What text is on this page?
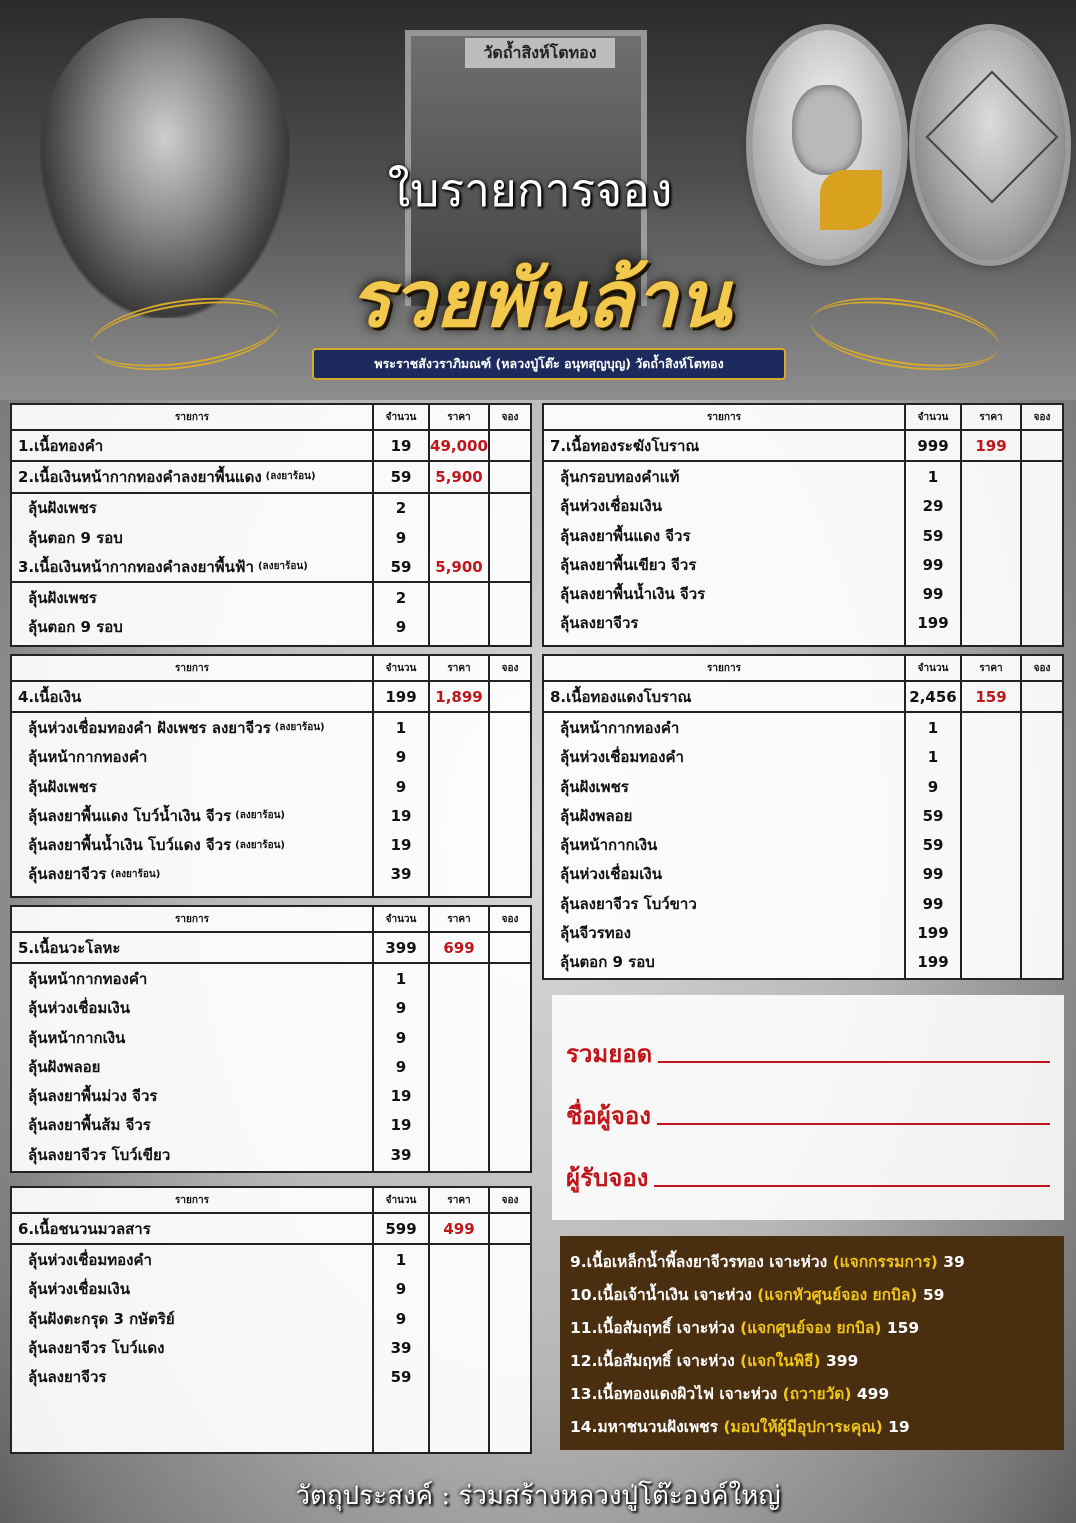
วัดถ้ำสิงห์โตทอง
ใบรายการจอง
รวยพันล้าน
พระราชสังวราภิมณฑ์ (หลวงปู่โต๊ะ อนุทสุญบุญ) วัดถ้ำสิงห์โตทอง
รายการ	จำนวน	ราคา	จอง
1.เนื้อทองคำ	19	49,000
2.เนื้อเงินหน้ากากทองคำลงยาพื้นแดง (ลงยาร้อน)	59	5,900
ลุ้นฝังเพชร	2
ลุ้นตอก 9 รอบ	9
3.เนื้อเงินหน้ากากทองคำลงยาพื้นฟ้า (ลงยาร้อน)	59	5,900
ลุ้นฝังเพชร	2
ลุ้นตอก 9 รอบ	9
รายการ	จำนวน	ราคา	จอง
7.เนื้อทองระฆังโบราณ	999	199
ลุ้นกรอบทองคำแท้	1
ลุ้นห่วงเชื่อมเงิน	29
ลุ้นลงยาพื้นแดง จีวร	59
ลุ้นลงยาพื้นเขียว จีวร	99
ลุ้นลงยาพื้นน้ำเงิน จีวร	99
ลุ้นลงยาจีวร	199
รายการ	จำนวน	ราคา	จอง
4.เนื้อเงิน	199	1,899
ลุ้นห่วงเชื่อมทองคำ ฝังเพชร ลงยาจีวร (ลงยาร้อน)	1
ลุ้นหน้ากากทองคำ	9
ลุ้นฝังเพชร	9
ลุ้นลงยาพื้นแดง โบว์น้ำเงิน จีวร (ลงยาร้อน)	19
ลุ้นลงยาพื้นน้ำเงิน โบว์แดง จีวร (ลงยาร้อน)	19
ลุ้นลงยาจีวร (ลงยาร้อน)	39
รายการ	จำนวน	ราคา	จอง
8.เนื้อทองแดงโบราณ	2,456	159
ลุ้นหน้ากากทองคำ	1
ลุ้นห่วงเชื่อมทองคำ	1
ลุ้นฝังเพชร	9
ลุ้นฝังพลอย	59
ลุ้นหน้ากากเงิน	59
ลุ้นห่วงเชื่อมเงิน	99
ลุ้นลงยาจีวร โบว์ขาว	99
ลุ้นจีวรทอง	199
ลุ้นตอก 9 รอบ	199
รายการ	จำนวน	ราคา	จอง
5.เนื้อนวะโลหะ	399	699
ลุ้นหน้ากากทองคำ	1
ลุ้นห่วงเชื่อมเงิน	9
ลุ้นหน้ากากเงิน	9
ลุ้นฝังพลอย	9
ลุ้นลงยาพื้นม่วง จีวร	19
ลุ้นลงยาพื้นส้ม จีวร	19
ลุ้นลงยาจีวร โบว์เขียว	39
รายการ	จำนวน	ราคา	จอง
6.เนื้อชนวนมวลสาร	599	499
ลุ้นห่วงเชื่อมทองคำ	1
ลุ้นห่วงเชื่อมเงิน	9
ลุ้นฝังตะกรุด 3 กษัตริย์	9
ลุ้นลงยาจีวร โบว์แดง	39
ลุ้นลงยาจีวร	59
รวมยอด
ชื่อผู้จอง
ผู้รับจอง
9.เนื้อเหล็กน้ำพี้ลงยาจีวรทอง เจาะห่วง (แจกกรรมการ) 39
10.เนื้อเจ้าน้ำเงิน เจาะห่วง (แจกหัวศูนย์จอง ยกบิล) 59
11.เนื้อสัมฤทธิ์ เจาะห่วง (แจกศูนย์จอง ยกบิล) 159
12.เนื้อสัมฤทธิ์ เจาะห่วง (แจกในพิธี) 399
13.เนื้อทองแดงผิวไฟ เจาะห่วง (ถวายวัด) 499
14.มหาชนวนฝังเพชร (มอบให้ผู้มีอุปการะคุณ) 19
วัตถุประสงค์ : ร่วมสร้างหลวงปู่โต๊ะองค์ใหญ่
